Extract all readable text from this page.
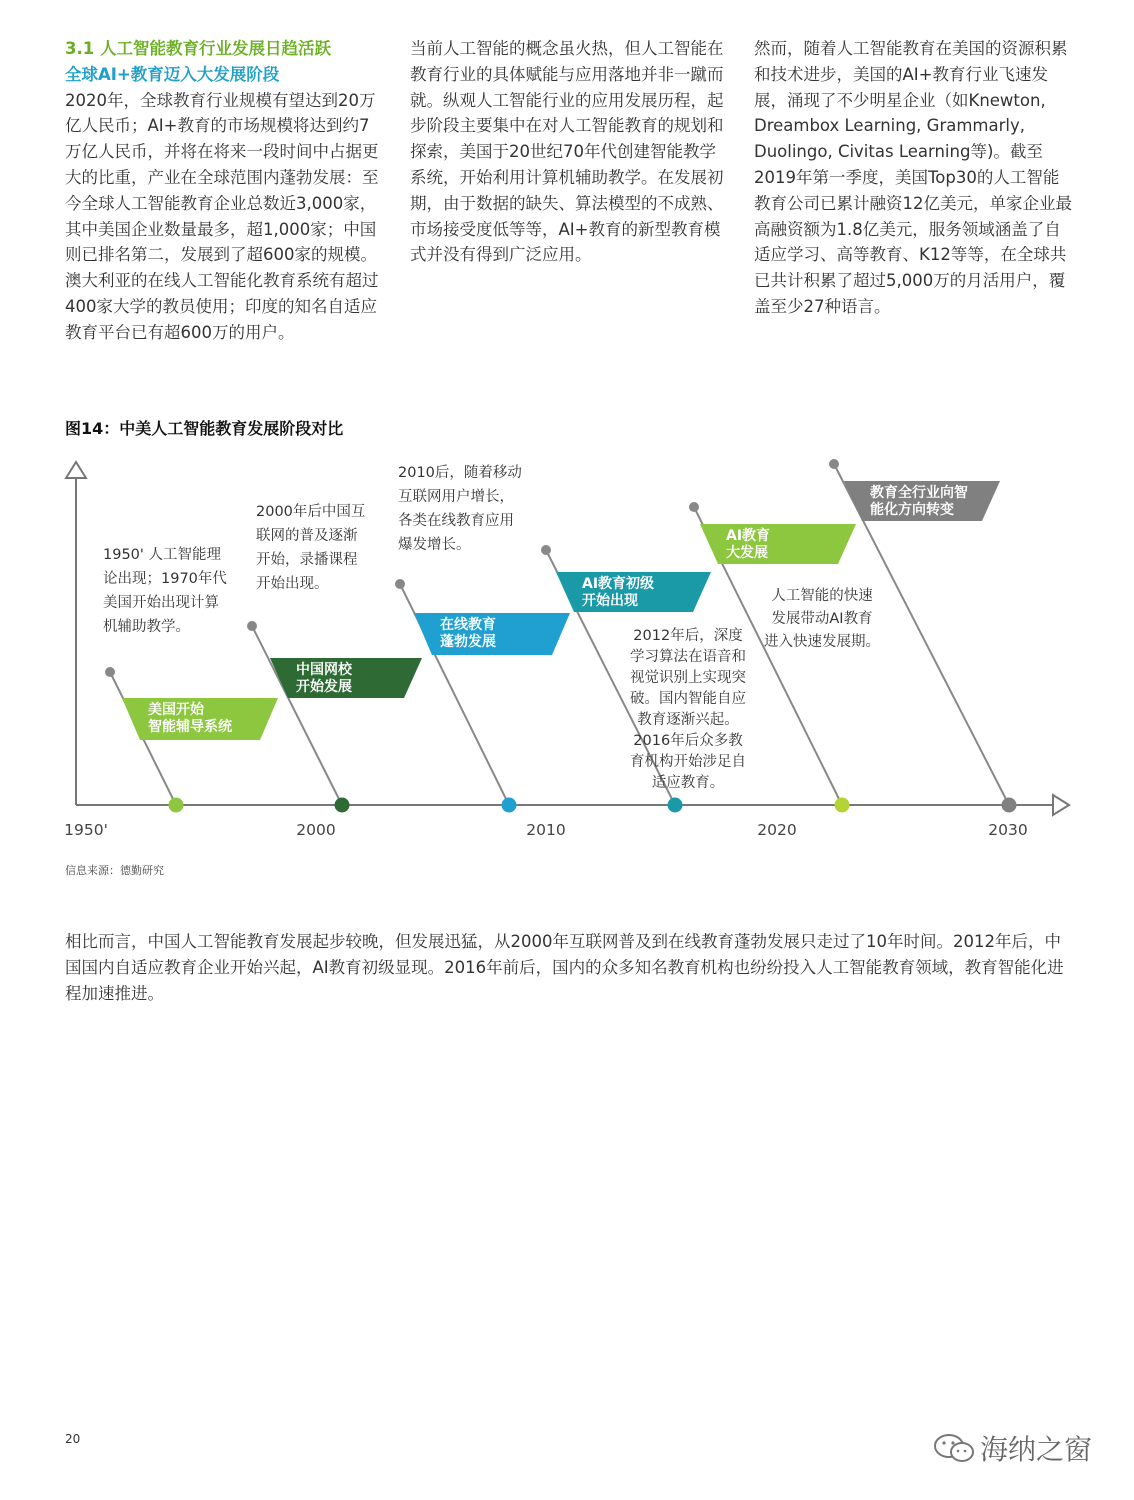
3.1 人工智能教育行业发展日趋活跃
全球AI+教育迈入大发展阶段

2020年，全球教育行业规模有望达到20万亿人民币；AI+教育的市场规模将达到约7万亿人民币，并将在将来一段时间中占据更大的比重，产业在全球范围内蓬勃发展：至今全球人工智能教育企业总数近3,000家，其中美国企业数量最多，超1,000家；中国则已排名第二，发展到了超600家的规模。澳大利亚的在线人工智能化教育系统有超过400家大学的教员使用；印度的知名自适应教育平台已有超600万的用户。

当前人工智能的概念虽火热，但人工智能在教育行业的具体赋能与应用落地并非一蹴而就。纵观人工智能行业的应用发展历程，起步阶段主要集中在对人工智能教育的规划和探索，美国于20世纪70年代创建智能教学系统，开始利用计算机辅助教学。在发展初期，由于数据的缺失、算法模型的不成熟、市场接受度低等等，AI+教育的新型教育模式并没有得到广泛应用。

然而，随着人工智能教育在美国的资源积累和技术进步，美国的AI+教育行业飞速发展，涌现了不少明星企业（如Knewton, Dreambox Learning, Grammarly, Duolingo, Civitas Learning等)。截至2019年第一季度，美国Top30的人工智能教育公司已累计融资12亿美元，单家企业最高融资额为1.8亿美元，服务领域涵盖了自适应学习、高等教育、K12等等，在全球共已共计积累了超过5,000万的月活用户，覆盖至少27种语言。

图14：中美人工智能教育发展阶段对比
美国开始
智能辅导系统
中国网校
开始发展
在线教育
蓬勃发展
AI教育初级
开始出现
AI教育
大发展
教育全行业向智
能化方向转变
1950' 人工智能理
论出现；1970年代
美国开始出现计算
机辅助教学。
2000年后中国互
联网的普及逐渐
开始，录播课程
开始出现。
2010后，随着移动
互联网用户增长，
各类在线教育应用
爆发增长。
2012年后，深度
学习算法在语音和
视觉识别上实现突
破。国内智能自应
教育逐渐兴起。
2016年后众多教
育机构开始涉足自
适应教育。
人工智能的快速
发展带动AI教育
进入快速发展期。
1950'	2000	2010	2020	2030
信息来源：德勤研究

相比而言，中国人工智能教育发展起步较晚，但发展迅猛，从2000年互联网普及到在线教育蓬勃发展只走过了10年时间。2012年后，中国国内自适应教育企业开始兴起，AI教育初级显现。2016年前后，国内的众多知名教育机构也纷纷投入人工智能教育领域，教育智能化进程加速推进。

20	海纳之窗
